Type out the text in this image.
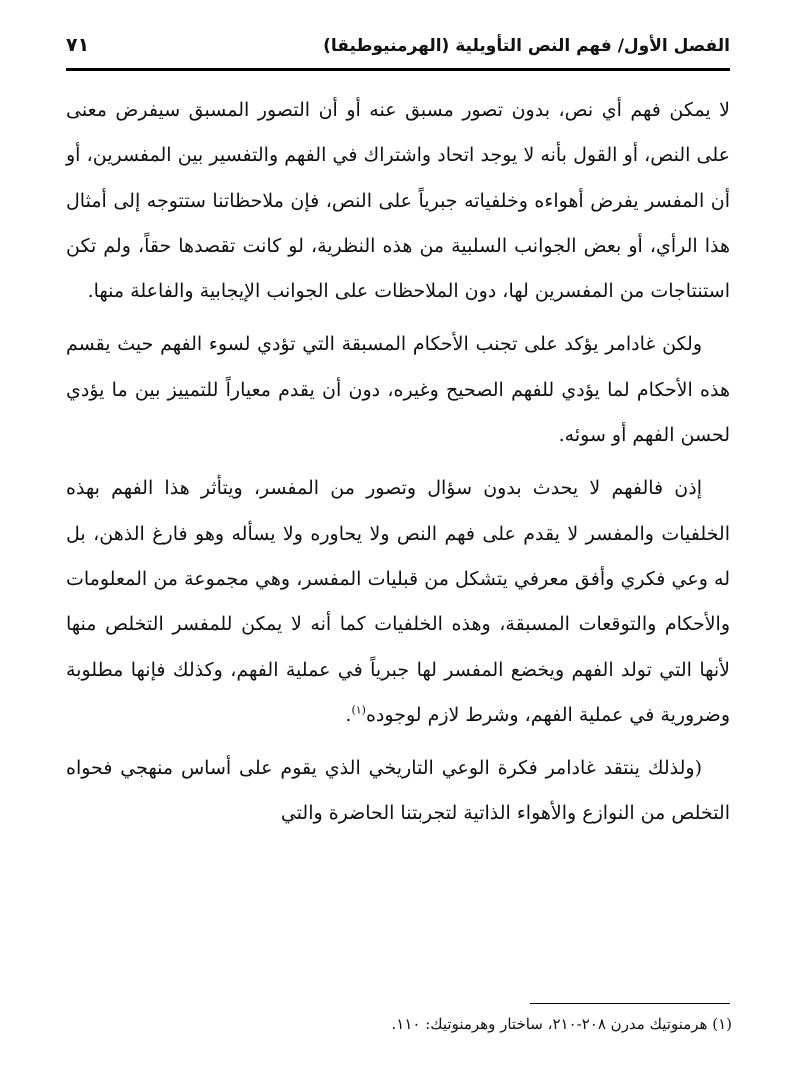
الفصل الأول/ فهم النص التأويلية (الهرمنيوطيقا)
٧١

لا يمكن فهم أي نص، بدون تصور مسبق عنه أو أن التصور المسبق سيفرض معنى على النص، أو القول بأنه لا يوجد اتحاد واشتراك في الفهم والتفسير بين المفسرين، أو أن المفسر يفرض أهواءه وخلفياته جبرياً على النص، فإن ملاحظاتنا ستتوجه إلى أمثال هذا الرأي، أو بعض الجوانب السلبية من هذه النظرية، لو كانت تقصدها حقاً، ولم تكن استنتاجات من المفسرين لها، دون الملاحظات على الجوانب الإيجابية والفاعلة منها.

ولكن غادامر يؤكد على تجنب الأحكام المسبقة التي تؤدي لسوء الفهم حيث يقسم هذه الأحكام لما يؤدي للفهم الصحيح وغيره، دون أن يقدم معياراً للتمييز بين ما يؤدي لحسن الفهم أو سوئه.

إذن فالفهم لا يحدث بدون سؤال وتصور من المفسر، ويتأثر هذا الفهم بهذه الخلفيات والمفسر لا يقدم على فهم النص ولا يحاوره ولا يسأله وهو فارغ الذهن، بل له وعي فكري وأفق معرفي يتشكل من قبليات المفسر، وهي مجموعة من المعلومات والأحكام والتوقعات المسبقة، وهذه الخلفيات كما أنه لا يمكن للمفسر التخلص منها لأنها التي تولد الفهم ويخضع المفسر لها جبرياً في عملية الفهم، وكذلك فإنها مطلوبة وضرورية في عملية الفهم، وشرط لازم لوجوده$^{(١)}$.

(ولذلك ينتقد غادامر فكرة الوعي التاريخي الذي يقوم على أساس منهجي فحواه التخلص من النوازع والأهواء الذاتية لتجربتنا الحاضرة والتي

(١) هرمنوتيك مدرن ٢٠٨-٢١٠، ساختار وهرمنوتيك: ١١٠.
